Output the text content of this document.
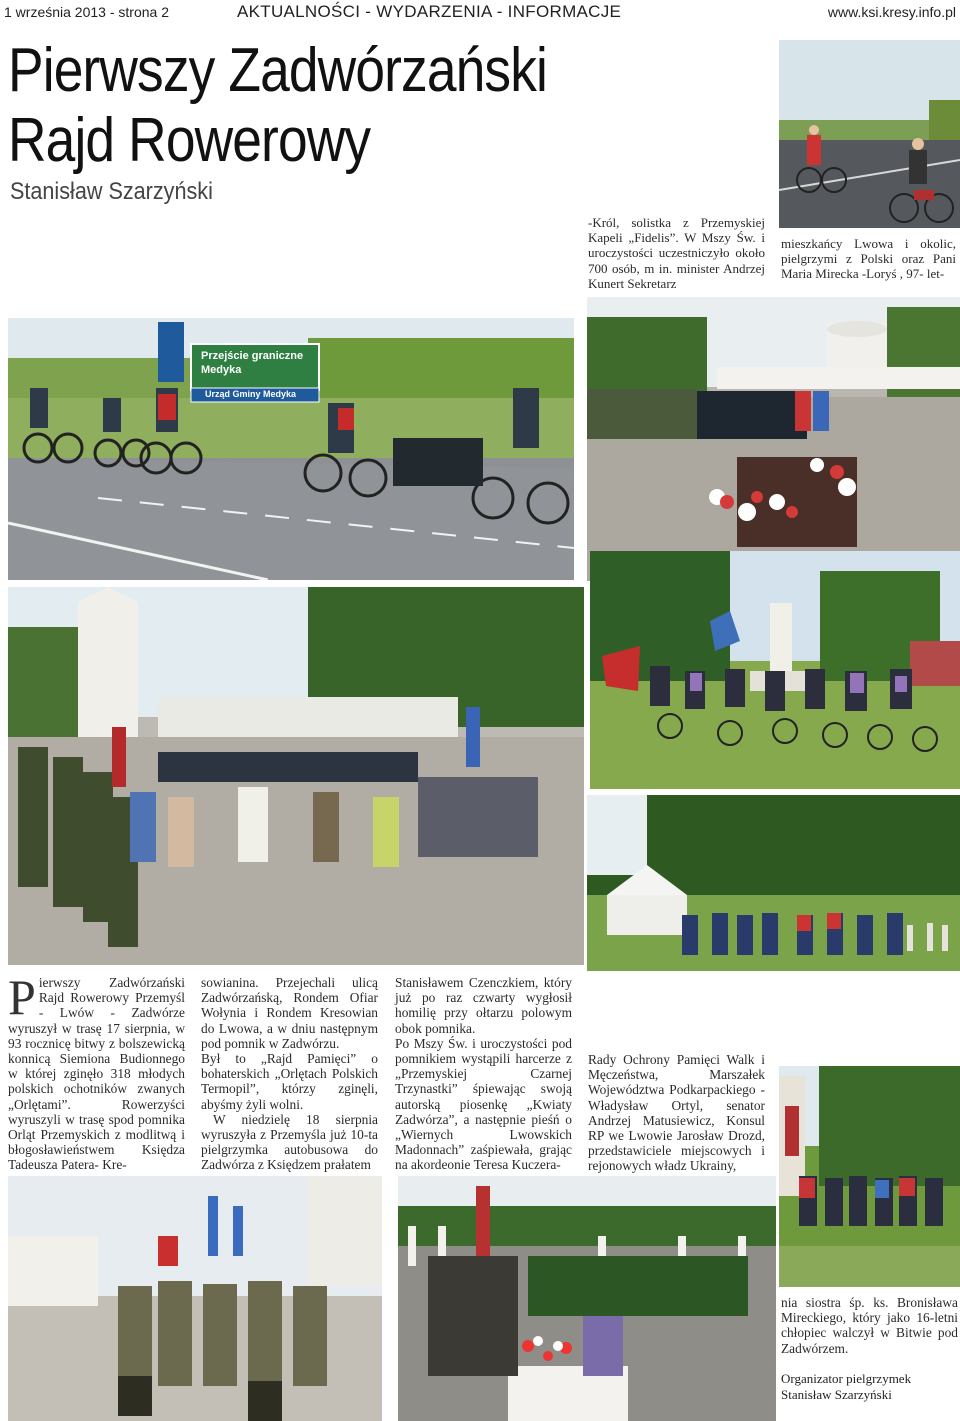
1 września 2013 - strona 2	AKTUALNOŚCI - WYDARZENIA - INFORMACJE	www.ksi.kresy.info.pl
Pierwszy Zadwórzański
Rajd Rowerowy
Stanisław Szarzyński
-Król, solistka z Przemyskiej Kapeli „Fidelis”. W Mszy Św. i uroczystości uczestniczyło około 700 osób, m in. minister Andrzej Kunert Sekretarz
mieszkańcy Lwowa i okolic, pielgrzymi z Polski oraz Pani Maria Mirecka -Loryś , 97- let-
Przejście graniczne
Medyka
Urząd Gminy Medyka
P ierwszy Zadwórzański Rajd Rowerowy Przemyśl - Lwów - Zadwórze wyruszył w trasę 17 sierpnia, w 93 rocznicę bitwy z bolszewicką konnicą Siemiona Budionnego w której zginęło 318 młodych polskich ochotników zwanych „Orlętami”. Rowerzyści wyruszyli w trasę spod pomnika Orląt Przemyskich z modlitwą i błogosławieństwem Księdza Tadeusza Patera- Kre-

sowianina. Przejechali ulicą Zadwórzańską, Rondem Ofiar Wołynia i Rondem Kresowian do Lwowa, a w dniu następnym pod pomnik w Zadwórzu.

Był to „Rajd Pamięci” o bohaterskich „Orlętach Polskich Termopil”, którzy zginęli, abyśmy żyli wolni.

W niedzielę 18 sierpnia wyruszyła z Przemyśla już 10-ta pielgrzymka autobusowa do Zadwórza z Księdzem prałatem

Stanisławem Czenczkiem, który już po raz czwarty wygłosił homilię przy ołtarzu polowym obok pomnika.

Po Mszy Św. i uroczystości pod pomnikiem wystąpili harcerze z „Przemyskiej Czarnej Trzynastki” śpiewając swoją autorską piosenkę „Kwiaty Zadwórza”, a następnie pieśń o „Wiernych Lwowskich Madonnach” zaśpiewała, grając na akordeonie Teresa Kuczera-

Rady Ochrony Pamięci Walk i Męczeństwa, Marszałek Województwa Podkarpackiego - Władysław Ortyl, senator Andrzej Matusiewicz, Konsul RP we Lwowie Jarosław Drozd, przedstawiciele miejscowych i rejonowych władz Ukrainy,
nia siostra śp. ks. Bronisława Mireckiego, który jako 16-letni chłopiec walczył w Bitwie pod Zadwórzem.
Organizator pielgrzymek
Stanisław Szarzyński
